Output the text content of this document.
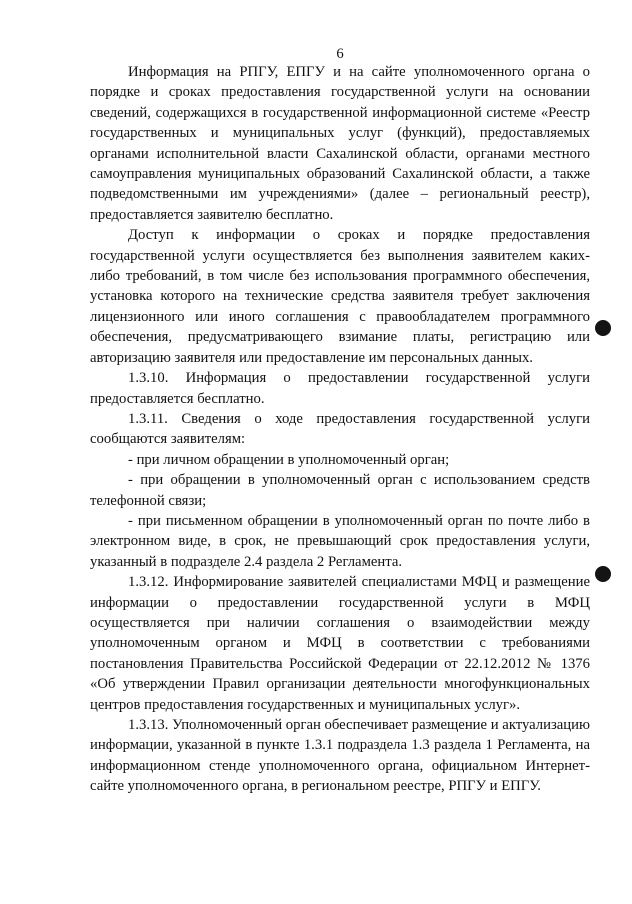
6

Информация на РПГУ, ЕПГУ и на сайте уполномоченного органа о порядке и сроках предоставления государственной услуги на основании сведений, содержащихся в государственной информационной системе «Реестр государственных и муниципальных услуг (функций), предоставляемых органами исполнительной власти Сахалинской области, органами местного самоуправления муниципальных образований Сахалинской области, а также подведомственными им учреждениями» (далее – региональный реестр), предоставляется заявителю бесплатно.

Доступ к информации о сроках и порядке предоставления государственной услуги осуществляется без выполнения заявителем каких-либо требований, в том числе без использования программного обеспечения, установка которого на технические средства заявителя требует заключения лицензионного или иного соглашения с правообладателем программного обеспечения, предусматривающего взимание платы, регистрацию или авторизацию заявителя или предоставление им персональных данных.

1.3.10. Информация о предоставлении государственной услуги предоставляется бесплатно.

1.3.11. Сведения о ходе предоставления государственной услуги сообщаются заявителям:

- при личном обращении в уполномоченный орган;

- при обращении в уполномоченный орган с использованием средств телефонной связи;

- при письменном обращении в уполномоченный орган по почте либо в электронном виде, в срок, не превышающий срок предоставления услуги, указанный в подразделе 2.4 раздела 2 Регламента.

1.3.12. Информирование заявителей специалистами МФЦ и размещение информации о предоставлении государственной услуги в МФЦ осуществляется при наличии соглашения о взаимодействии между уполномоченным органом и МФЦ в соответствии с требованиями постановления Правительства Российской Федерации от 22.12.2012 № 1376 «Об утверждении Правил организации деятельности многофункциональных центров предоставления государственных и муниципальных услуг».

1.3.13. Уполномоченный орган обеспечивает размещение и актуализацию информации, указанной в пункте 1.3.1 подраздела 1.3 раздела 1 Регламента, на информационном стенде уполномоченного органа, официальном Интернет-сайте уполномоченного органа, в региональном реестре, РПГУ и ЕПГУ.
